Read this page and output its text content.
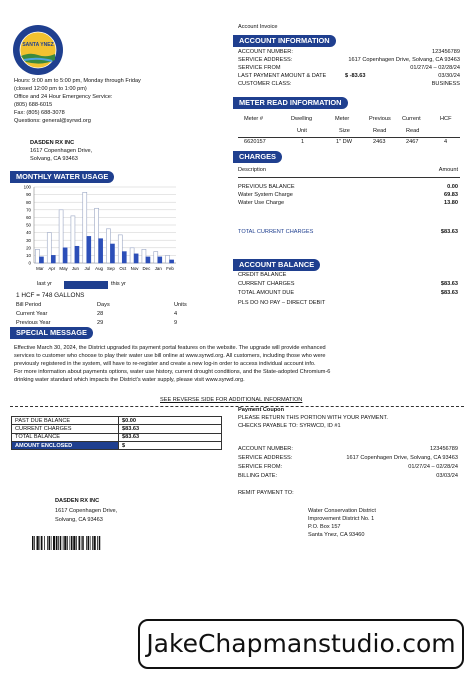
SANTA YNEZ
Hours: 9:00 am to 5:00 pm, Monday through Friday
(closed 12:00 pm to 1:00 pm)
Office and 24 Hour Emergency Service:
(805) 688-6015
Fax: (805) 688-3078
Questions: general@syrwd.org
DASDEN RX INC
1617 Copenhagen Drive,
Solvang, CA 93463
MONTHLY WATER USAGE
0
10
20
30
40
50
60
70
80
90
100
Mar Apr May Jun Jul Aug Sep Oct Nov Dec Jan Feb
last yr	this yr
1 HCF = 748 GALLONS
Bill Period	Days	Units
Current Year	28	4
Previous Year	29	9
Account Invoice
ACCOUNT INFORMATION
ACCOUNT NUMBER:	123456789
SERVICE ADDRESS:	1617 Copenhagen Drive, Solvang, CA 93463
SERVICE FROM	01/27/24 – 02/28/24
LAST PAYMENT AMOUNT & DATE	$ -83.63	03/30/24
CUSTOMER CLASS:	BUSINESS
METER READ INFORMATION
Meter #	Dwelling	Meter	Previous Current	HCF
Unit	Size	Read	Read
6620157	1	1" DW	2463	2467	4
CHARGES
Description	Amount
PREVIOUS BALANCE	0.00
Water System Charge	69.83
Water Use Charge	13.80
TOTAL CURRENT CHARGES	$83.63
ACCOUNT BALANCE
CREDIT BALANCE
CURRENT CHARGES	$83.63
TOTAL AMOUNT DUE	$83.63
PLS DO NO PAY – DIRECT DEBIT
SPECIAL MESSAGE
Effective March 30, 2024, the District upgraded its payment portal features on the website. The upgrade will provide enhanced
services to customer who choose to play their water use bill online at www.syrwd.org. All customers, including those who were
previously registered in the system, will have to re-register and create a new log-in order to access individual account info.
For more information about payments options, water use history, current drought conditions, and the State-adopted Chromium-6
drinking water standard which impacts the District's water supply, please visit www.syrwd.org.
SEE REVERSE SIDE FOR ADDITIONAL INFORMATION
PAST DUE BALANCE	$0.00
CURRENT CHARGES	$83.63
TOTAL BALANCE	$83.63
AMOUNT ENCLOSED	$
Payment Coupon
PLEASE RETURN THIS PORTION WITH YOUR PAYMENT.
CHECKS PAYABLE TO: SYRWCD, ID #1
ACCOUNT NUMBER:	123456789
SERVICE ADDRESS:	1617 Copenhagen Drive, Solvang, CA 93463
SERVICE FROM:	01/27/24 – 02/28/24
BILLING DATE:	03/03/24
REMIT PAYMENT TO:
Water Conservation District
Improvement District No. 1
P.O. Box 157
Santa Ynez, CA 93460
DASDEN RX INC
1617 Copenhagen Drive,
Solvang, CA 93463
JakeChapmanstudio.com
